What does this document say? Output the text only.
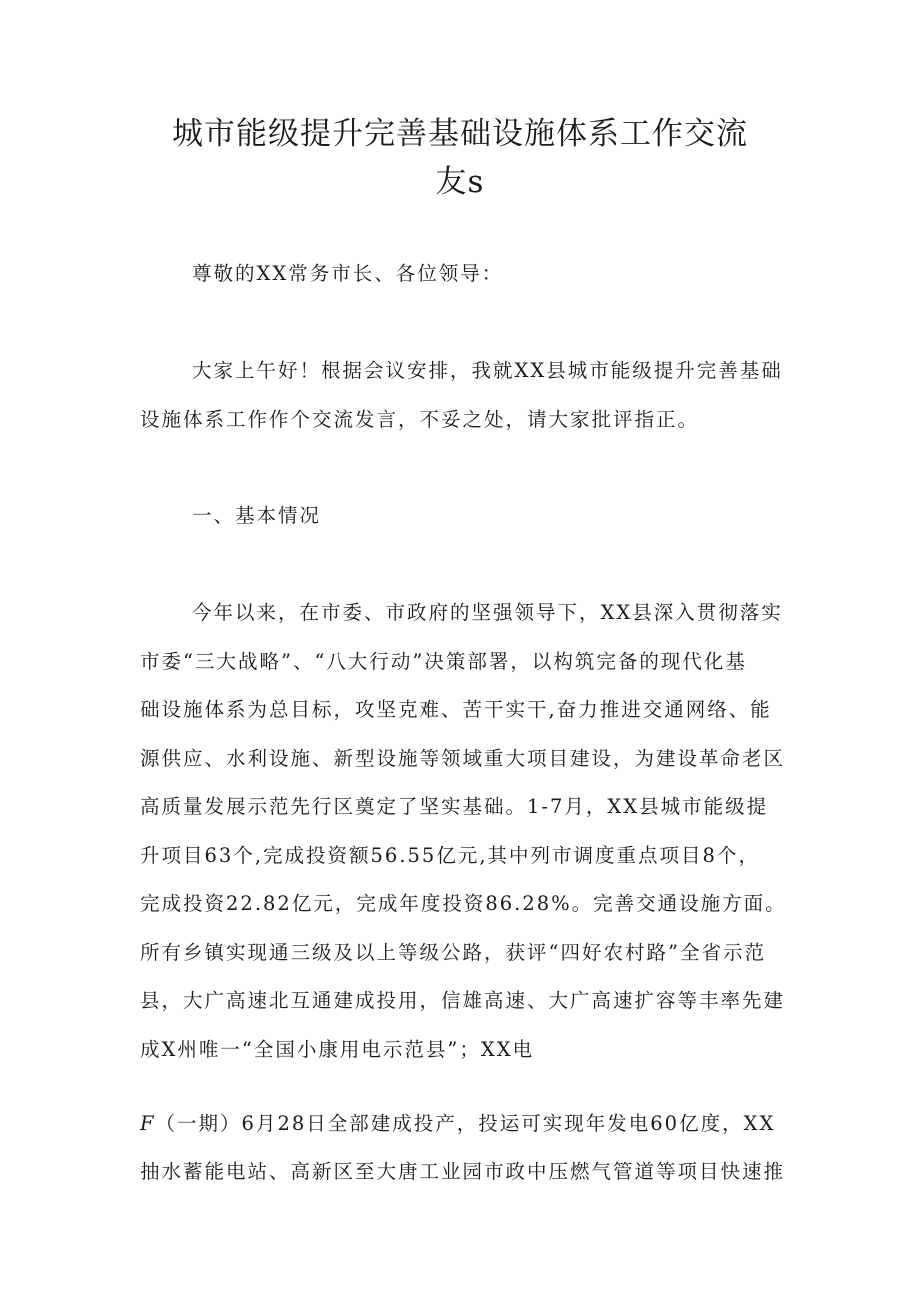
城市能级提升完善基础设施体系工作交流
友s
尊敬的XX常务市长、各位领导：
大家上午好！根据会议安排，我就XX县城市能级提升完善基础
设施体系工作作个交流发言，不妥之处，请大家批评指正。
一、基本情况
今年以来，在市委、市政府的坚强领导下，XX县深入贯彻落实
市委“三大战略”、“八大行动”决策部署，以构筑完备的现代化基
础设施体系为总目标，攻坚克难、苦干实干,奋力推进交通网络、能
源供应、水利设施、新型设施等领域重大项目建设，为建设革命老区
高质量发展示范先行区奠定了坚实基础。1-7月，XX县城市能级提
升项目63个,完成投资额56.55亿元,其中列市调度重点项目8个，
完成投资22.82亿元，完成年度投资86.28%。完善交通设施方面。
所有乡镇实现通三级及以上等级公路，获评“四好农村路”全省示范
县，大广高速北互通建成投用，信雄高速、大广高速扩容等丰率先建
成X州唯一“全国小康用电示范县”；XX电
F（一期）6月28日全部建成投产，投运可实现年发电60亿度，XX
抽水蓄能电站、高新区至大唐工业园市政中压燃气管道等项目快速推
